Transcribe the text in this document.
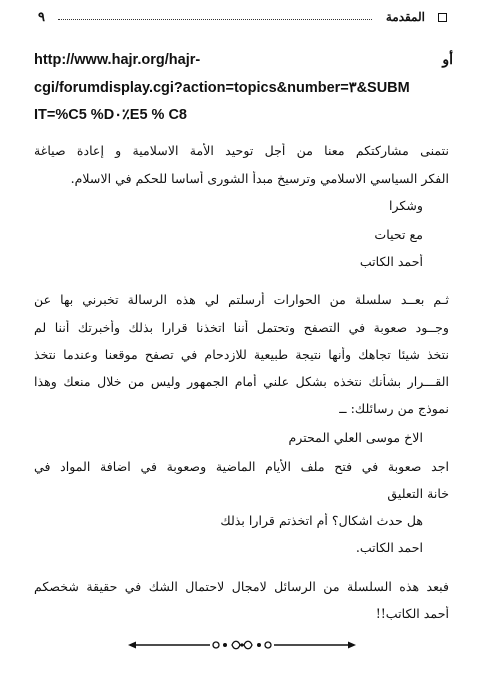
المقدمة
٩
أو
http://www.hajr.org/hajr-
cgi/forumdisplay.cgi?action=topics&number=٣&SUBM
IT=%C5 %D٠٪E5 % C8
نتمنى مشاركتكم معنا من أجل توحيد الأُمة الاسلامية و إعادة صياغة
الفكر السياسي الاسلامي وترسيخ مبدأ الشورى أساسا للحكم في الاسلام.
وشكرا
مع تحيات
أحمد الكاتب
ثـم بعــد سلسلة من الحوارات أرسلتم لي هذه الرسالة تخبرني بها عن
وجــود صعوبة في التصفح وتحتمل أننا اتخذنا قرارا بذلك وأخبرتك أننا لم
نتخذ شيئا تجاهك وأنها نتيجة طبيعية للازدحام في تصفح موقعنا وعندما نتخذ
القـــرار بشأنك نتخذه بشكل علني أمام الجمهور وليس من خلال منعك وهذا
نموذج من رسائلك: ــ
الاخ موسى العلي المحترم
اجد صعوبة في فتح ملف الأيام الماضية وصعوبة في اضافة المواد في
خانة التعليق
هل حدث اشكال؟ أم اتخذتم قرارا بذلك
احمد الكاتب.
فبعد هذه السلسلة من الرسائل لامجال لاحتمال الشك في حقيقة شخصكم
أحمد الكاتب!!
